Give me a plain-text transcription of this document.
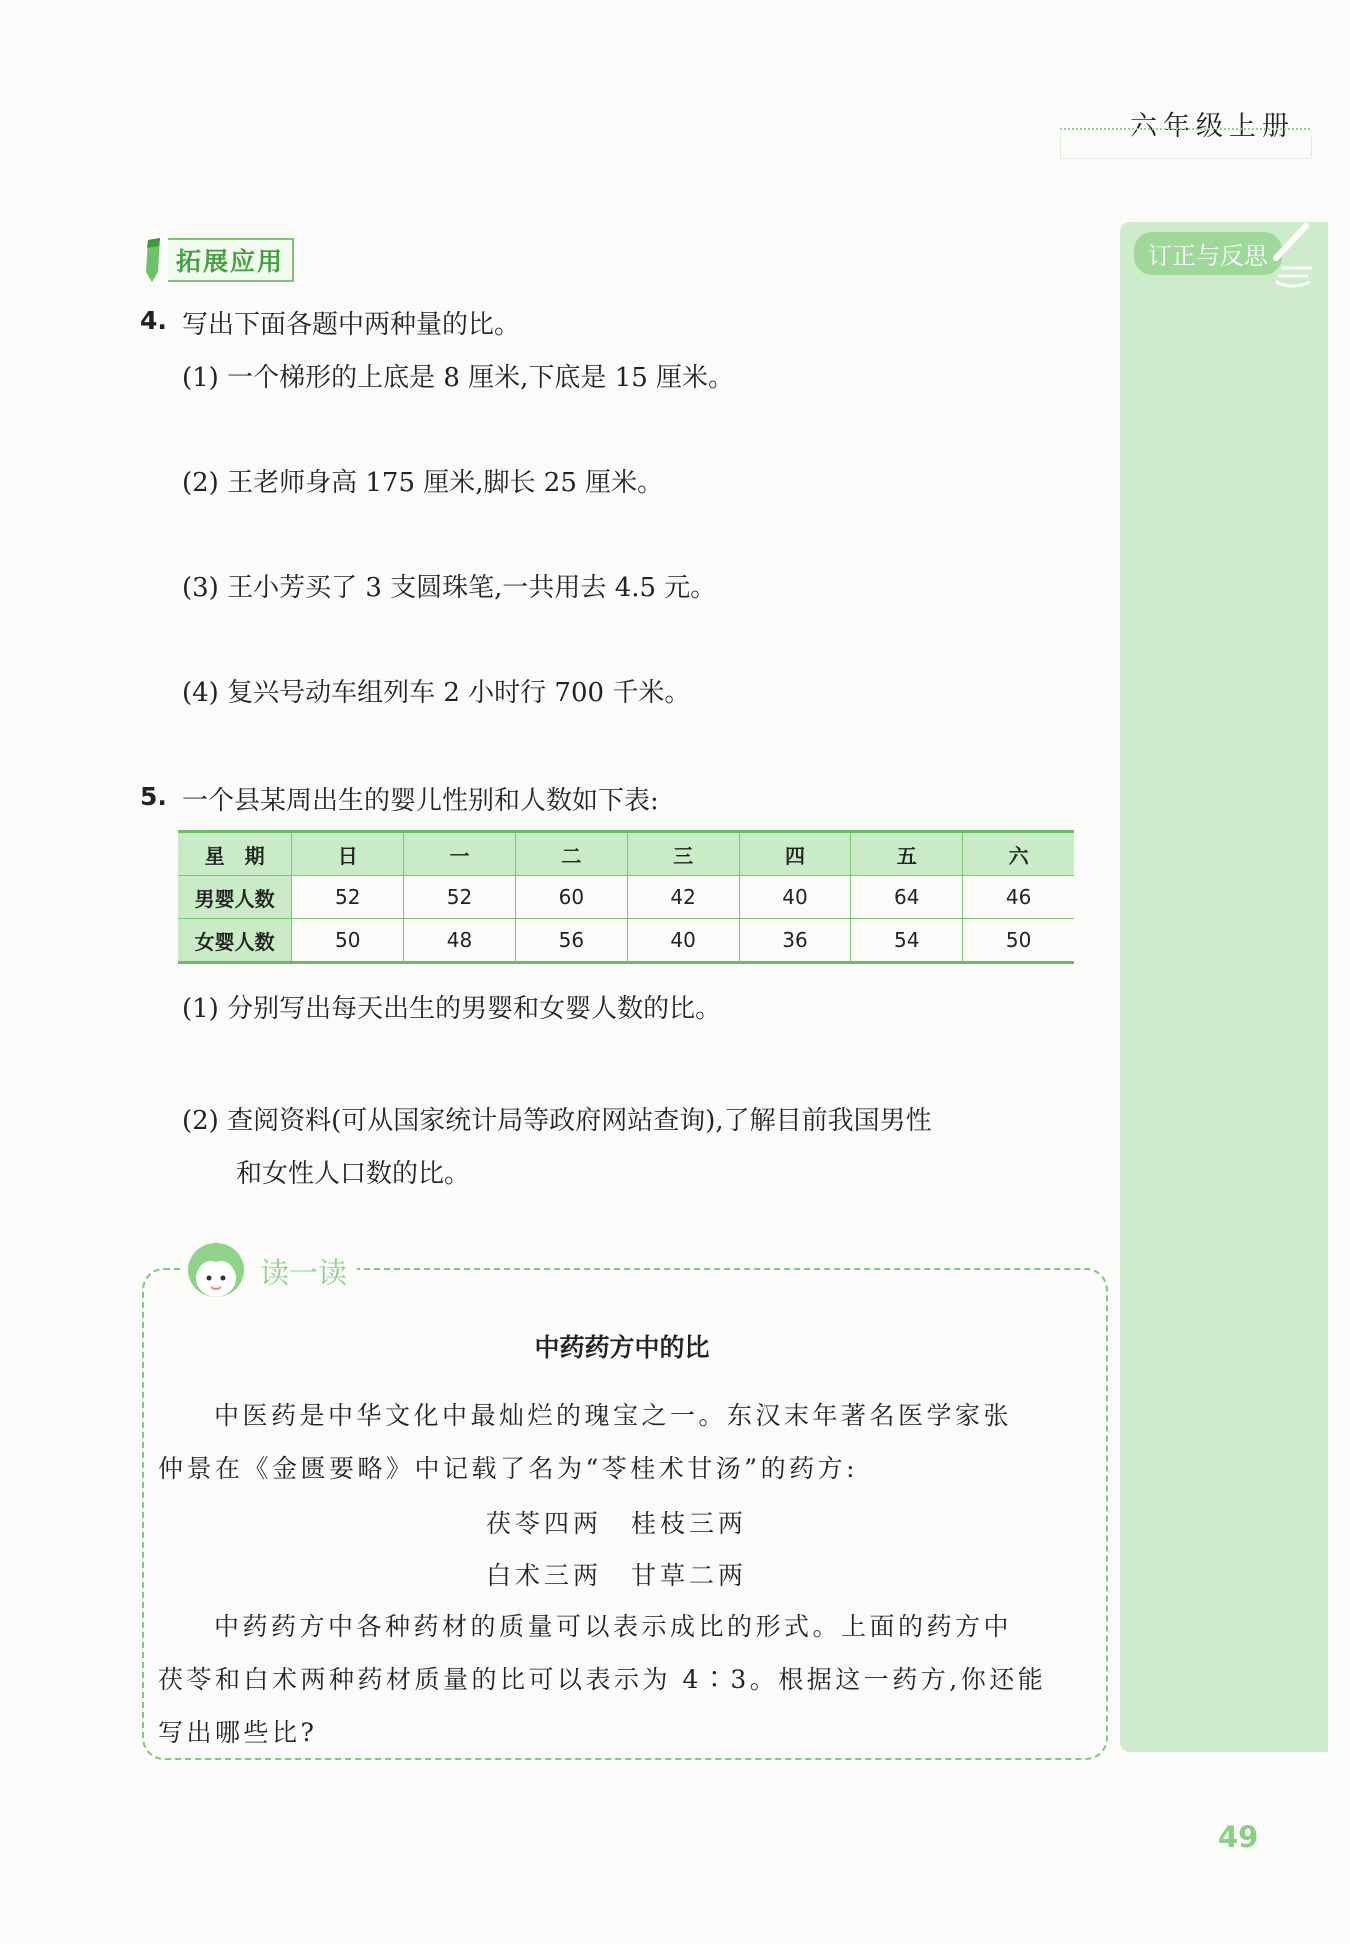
六年级上册
订正与反思
拓展应用
4. 写出下面各题中两种量的比。
(1) 一个梯形的上底是 8 厘米,下底是 15 厘米。
(2) 王老师身高 175 厘米,脚长 25 厘米。
(3) 王小芳买了 3 支圆珠笔,一共用去 4.5 元。
(4) 复兴号动车组列车 2 小时行 700 千米。
5. 一个县某周出生的婴儿性别和人数如下表:
星　期	日	一	二	三	四	五	六
男婴人数	52	52	60	42	40	64	46
女婴人数	50	48	56	40	36	54	50
(1) 分别写出每天出生的男婴和女婴人数的比。
(2) 查阅资料(可从国家统计局等政府网站查询),了解目前我国男性
和女性人口数的比。
读一读
中药药方中的比
中医药是中华文化中最灿烂的瑰宝之一。东汉末年著名医学家张
仲景在《金匮要略》中记载了名为“苓桂术甘汤”的药方:
茯苓四两　桂枝三两
白术三两　甘草二两
中药药方中各种药材的质量可以表示成比的形式。上面的药方中
茯苓和白术两种药材质量的比可以表示为 4∶3。根据这一药方,你还能
写出哪些比?
49
